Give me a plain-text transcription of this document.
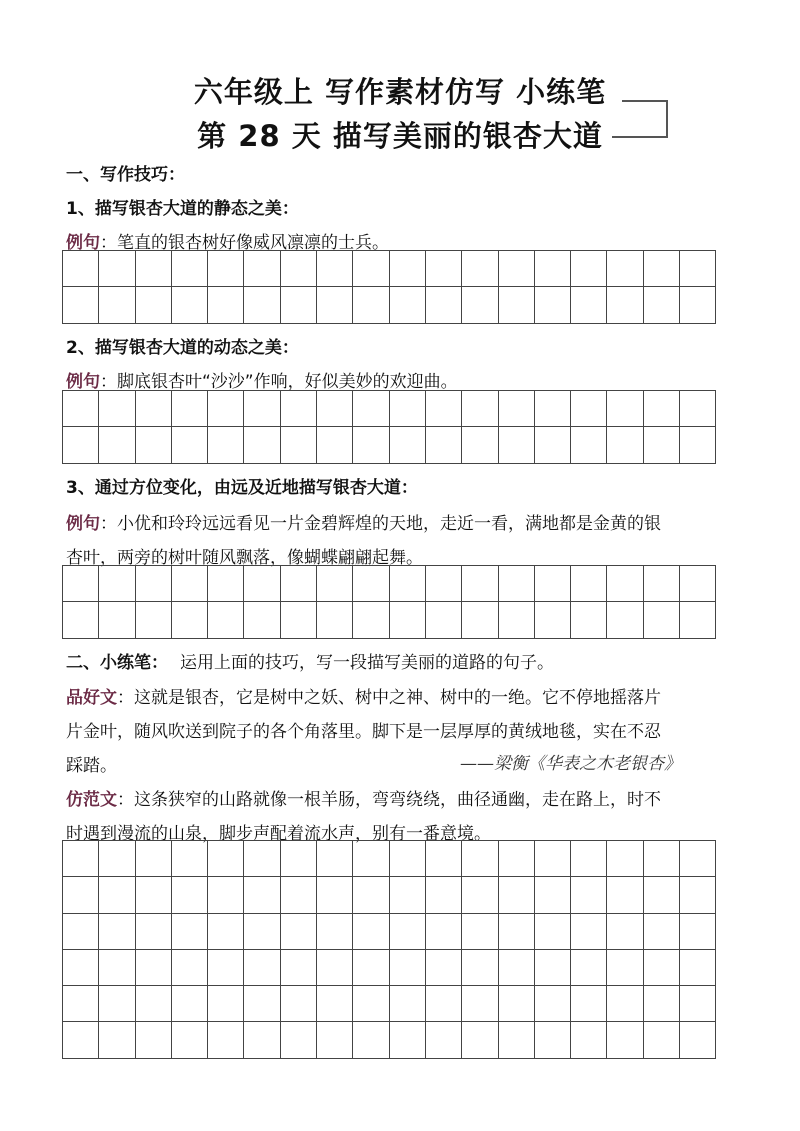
六年级上 写作素材仿写 小练笔
第 28 天 描写美丽的银杏大道
一、写作技巧：
1、描写银杏大道的静态之美：
例句：笔直的银杏树好像威风凛凛的士兵。

2、描写银杏大道的动态之美：
例句：脚底银杏叶“沙沙”作响，好似美妙的欢迎曲。

3、通过方位变化，由远及近地描写银杏大道：
例句：小优和玲玲远远看见一片金碧辉煌的天地，走近一看，满地都是金黄的银
杏叶，两旁的树叶随风飘落，像蝴蝶翩翩起舞。

二、小练笔： 运用上面的技巧，写一段描写美丽的道路的句子。
品好文：这就是银杏，它是树中之妖、树中之神、树中的一绝。它不停地摇落片
片金叶，随风吹送到院子的各个角落里。脚下是一层厚厚的黄绒地毯，实在不忍
踩踏。	——梁衡《华表之木老银杏》
仿范文：这条狭窄的山路就像一根羊肠，弯弯绕绕，曲径通幽，走在路上，时不
时遇到漫流的山泉，脚步声配着流水声，别有一番意境。
